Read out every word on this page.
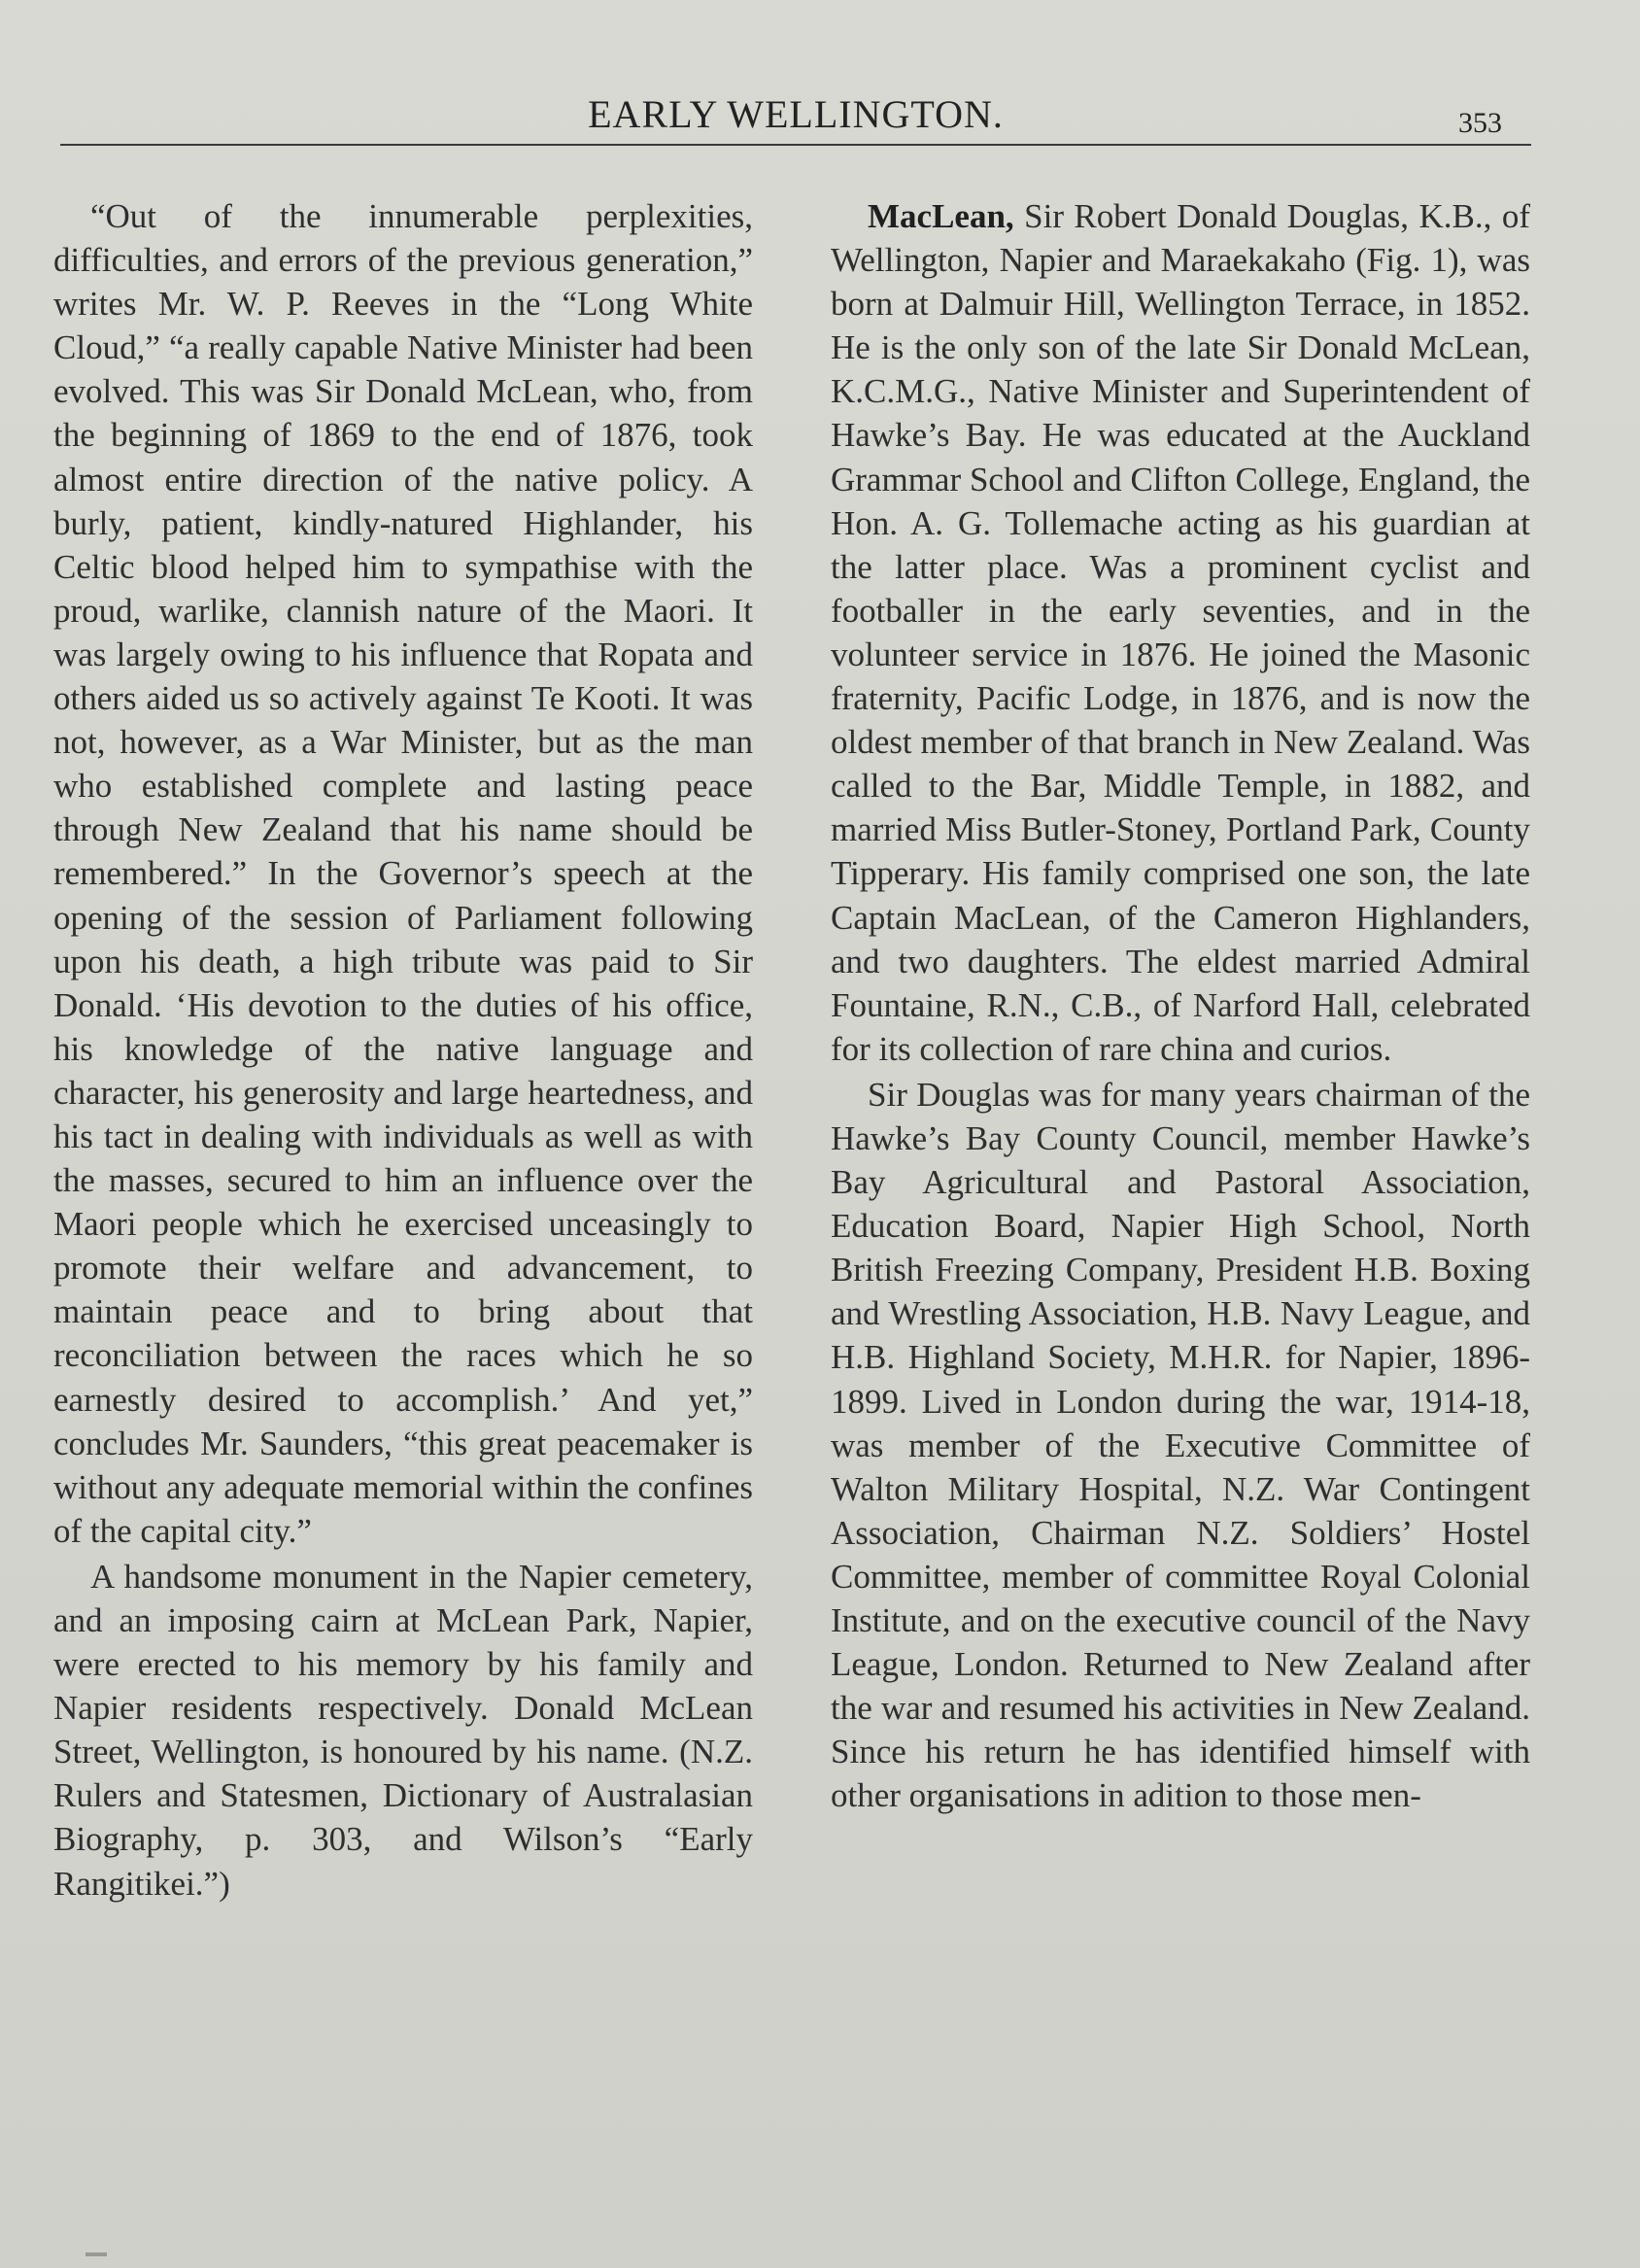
EARLY WELLINGTON.	353

“Out of the innumerable perplexities, difficulties, and errors of the previous generation,” writes Mr. W. P. Reeves in the “Long White Cloud,” “a really capable Native Minister had been evolved. This was Sir Donald McLean, who, from the beginning of 1869 to the end of 1876, took almost entire direction of the native policy. A burly, patient, kindly-natured Highlander, his Celtic blood helped him to sympathise with the proud, warlike, clannish nature of the Maori. It was largely owing to his influence that Ropata and others aided us so actively against Te Kooti. It was not, however, as a War Minister, but as the man who established complete and lasting peace through New Zealand that his name should be remembered.” In the Governor’s speech at the opening of the session of Parliament following upon his death, a high tribute was paid to Sir Donald. ‘His devotion to the duties of his office, his knowledge of the native language and character, his generosity and large heartedness, and his tact in dealing with individuals as well as with the masses, secured to him an influence over the Maori people which he exercised unceasingly to promote their welfare and advancement, to maintain peace and to bring about that reconciliation between the races which he so earnestly desired to accomplish.’ And yet,” concludes Mr. Saunders, “this great peacemaker is without any adequate memorial within the confines of the capital city.”

A handsome monument in the Napier cemetery, and an imposing cairn at McLean Park, Napier, were erected to his memory by his family and Napier residents respectively. Donald McLean Street, Wellington, is honoured by his name. (N.Z. Rulers and Statesmen, Dictionary of Australasian Biography, p. 303, and Wilson’s “Early Rangitikei.”)

MacLean, Sir Robert Donald Douglas, K.B., of Wellington, Napier and Maraekakaho (Fig. 1), was born at Dalmuir Hill, Wellington Terrace, in 1852. He is the only son of the late Sir Donald McLean, K.C.M.G., Native Minister and Superintendent of Hawke’s Bay. He was educated at the Auckland Grammar School and Clifton College, England, the Hon. A. G. Tollemache acting as his guardian at the latter place. Was a prominent cyclist and footballer in the early seventies, and in the volunteer service in 1876. He joined the Masonic fraternity, Pacific Lodge, in 1876, and is now the oldest member of that branch in New Zealand. Was called to the Bar, Middle Temple, in 1882, and married Miss Butler-Stoney, Portland Park, County Tipperary. His family comprised one son, the late Captain MacLean, of the Cameron Highlanders, and two daughters. The eldest married Admiral Fountaine, R.N., C.B., of Narford Hall, celebrated for its collection of rare china and curios.

Sir Douglas was for many years chairman of the Hawke’s Bay County Council, member Hawke’s Bay Agricultural and Pastoral Association, Education Board, Napier High School, North British Freezing Company, President H.B. Boxing and Wrestling Association, H.B. Navy League, and H.B. Highland Society, M.H.R. for Napier, 1896-1899. Lived in London during the war, 1914-18, was member of the Executive Committee of Walton Military Hospital, N.Z. War Contingent Association, Chairman N.Z. Soldiers’ Hostel Committee, member of committee Royal Colonial Institute, and on the executive council of the Navy League, London. Returned to New Zealand after the war and resumed his activities in New Zealand. Since his return he has identified himself with other organisations in adition to those men-
